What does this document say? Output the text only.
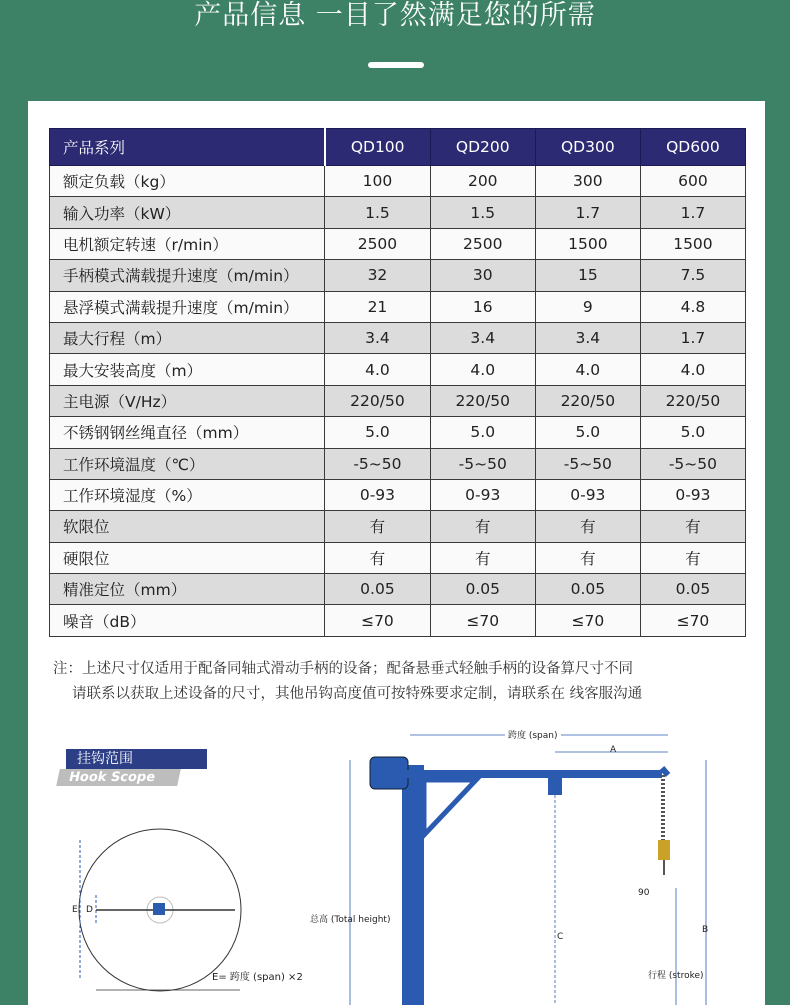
产品信息 一目了然满足您的所需
产品系列	QD100	QD200	QD300	QD600
额定负载（kg）	100	200	300	600
输入功率（kW）	1.5	1.5	1.7	1.7
电机额定转速（r/min）	2500	2500	1500	1500
手柄模式满载提升速度（m/min）	32	30	15	7.5
悬浮模式满载提升速度（m/min）	21	16	9	4.8
最大行程（m）	3.4	3.4	3.4	1.7
最大安装高度（m）	4.0	4.0	4.0	4.0
主电源（V/Hz）	220/50	220/50	220/50	220/50
不锈钢钢丝绳直径（mm）	5.0	5.0	5.0	5.0
工作环境温度（℃）	-5~50	-5~50	-5~50	-5~50
工作环境湿度（%）	0-93	0-93	0-93	0-93
软限位	有	有	有	有
硬限位	有	有	有	有
精准定位（mm）	0.05	0.05	0.05	0.05
噪音（dB）	≤70	≤70	≤70	≤70
注：上述尺寸仅适用于配备同轴式滑动手柄的设备；配备悬垂式轻触手柄的设备算尺寸不同
请联系以获取上述设备的尺寸，其他吊钩高度值可按特殊要求定制，请联系在 线客服沟通
挂钩范围
Hook Scope
E D
E= 跨度 (span) ×2
跨度 (span)
A
B
C
90
总高 (Total height)
行程 (stroke)
